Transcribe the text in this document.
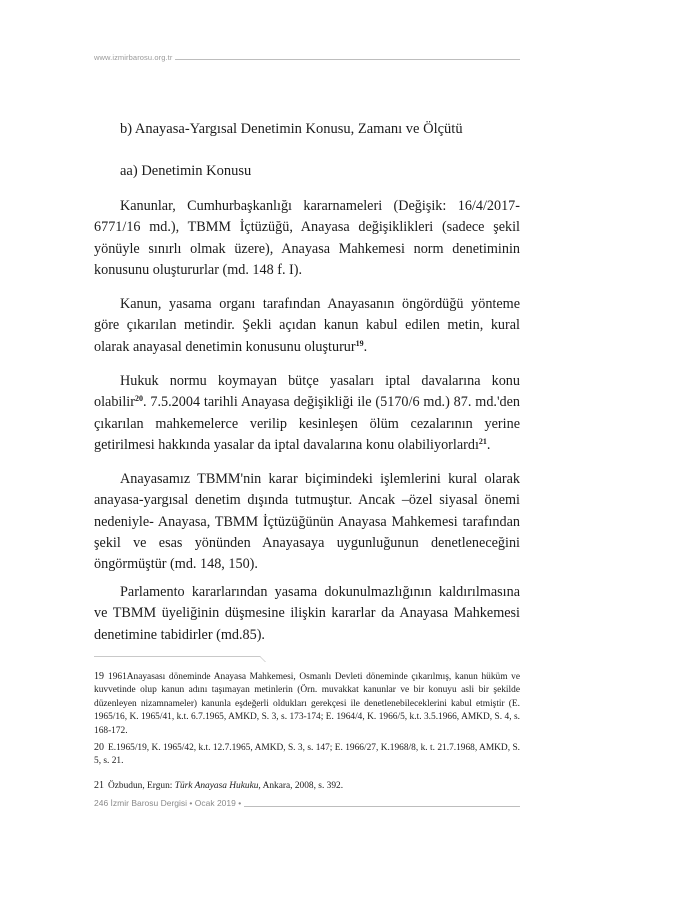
www.izmirbarosu.org.tr
b) Anayasa-Yargısal Denetimin Konusu, Zamanı ve Ölçütü
aa) Denetimin Konusu

Kanunlar, Cumhurbaşkanlığı kararnameleri (Değişik: 16/4/2017-6771/16 md.), TBMM İçtüzüğü, Anayasa değişiklikleri (sadece şekil yönüyle sınırlı olmak üzere), Anayasa Mahkemesi norm denetiminin konusunu oluştururlar (md. 148 f. I).

Kanun, yasama organı tarafından Anayasanın öngördüğü yönteme göre çıkarılan metindir. Şekli açıdan kanun kabul edilen metin, kural olarak anayasal denetimin konusunu oluşturur$^{19}$.

Hukuk normu koymayan bütçe yasaları iptal davalarına konu olabilir$^{20}$. 7.5.2004 tarihli Anayasa değişikliği ile (5170/6 md.) 87. md.'den çıkarılan mahkemelerce verilip kesinleşen ölüm cezalarının yerine getirilmesi hakkında yasalar da iptal davalarına konu olabiliyorlardı$^{21}$.

Anayasamız TBMM'nin karar biçimindeki işlemlerini kural olarak anayasa-yargısal denetim dışında tutmuştur. Ancak –özel siyasal önemi nedeniyle- Anayasa, TBMM İçtüzüğünün Anayasa Mahkemesi tarafından şekil ve esas yönünden Anayasaya uygunluğunun denetleneceğini öngörmüştür (md. 148, 150).

Parlamento kararlarından yasama dokunulmazlığının kaldırılmasına ve TBMM üyeliğinin düşmesine ilişkin kararlar da Anayasa Mahkemesi denetimine tabidirler (md.85).

19 1961Anayasası döneminde Anayasa Mahkemesi, Osmanlı Devleti döneminde çıkarılmış, kanun hüküm ve kuvvetinde olup kanun adını taşımayan metinlerin (Örn. muvakkat kanunlar ve bir konuyu asli bir şekilde düzenleyen nizamnameler) kanunla eşdeğerli oldukları gerekçesi ile denetlenebileceklerini kabul etmiştir (E. 1965/16, K. 1965/41, k.t. 6.7.1965, AMKD, S. 3, s. 173-174; E. 1964/4, K. 1966/5, k.t. 3.5.1966, AMKD, S. 4, s. 168-172.

20 E.1965/19, K. 1965/42, k.t. 12.7.1965, AMKD, S. 3, s. 147; E. 1966/27, K.1968/8, k. t. 21.7.1968, AMKD, S. 5, s. 21.

21 Özbudun, Ergun: Türk Anayasa Hukuku, Ankara, 2008, s. 392.

246 İzmir Barosu Dergisi • Ocak 2019 •
